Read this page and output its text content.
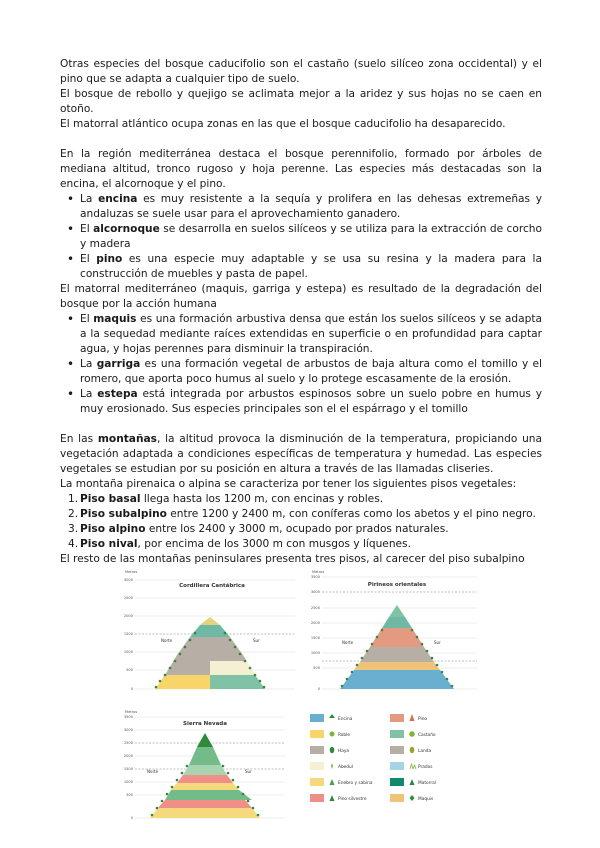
Otras especies del bosque caducifolio son el castaño (suelo silíceo zona occidental) y el pino que se adapta a cualquier tipo de suelo.

El bosque de rebollo y quejigo se aclimata mejor a la aridez y sus hojas no se caen en otoño.

El matorral atlántico ocupa zonas en las que el bosque caducifolio ha desaparecido.

En la región mediterránea destaca el bosque perennifolio, formado por árboles de mediana altitud, tronco rugoso y hoja perenne. Las especies más destacadas son la encina, el alcornoque y el pino.

• La encina es muy resistente a la sequía y prolifera en las dehesas extremeñas y andaluzas se suele usar para el aprovechamiento ganadero.
• El alcornoque se desarrolla en suelos silíceos y se utiliza para la extracción de corcho y madera
• El pino es una especie muy adaptable y se usa su resina y la madera para la construcción de muebles y pasta de papel.

El matorral mediterráneo (maquis, garriga y estepa) es resultado de la degradación del bosque por la acción humana

• El maquis es una formación arbustiva densa que están los suelos silíceos y se adapta a la sequedad mediante raíces extendidas en superficie o en profundidad para captar agua, y hojas perennes para disminuir la transpiración.
• La garriga es una formación vegetal de arbustos de baja altura como el tomillo y el romero, que aporta poco humus al suelo y lo protege escasamente de la erosión.
• La estepa está integrada por arbustos espinosos sobre un suelo pobre en humus y muy erosionado. Sus especies principales son el el espárrago y el tomillo

En las montañas, la altitud provoca la disminución de la temperatura, propiciando una vegetación adaptada a condiciones específicas de temperatura y humedad. Las especies vegetales se estudian por su posición en altura a través de las llamadas cliseries.

La montaña pirenaica o alpina se caracteriza por tener los siguientes pisos vegetales:

1. Piso basal llega hasta los 1200 m, con encinas y robles.
2. Piso subalpino entre 1200 y 2400 m, con coníferas como los abetos y el pino negro.
3. Piso alpino entre los 2400 y 3000 m, ocupado por prados naturales.
4. Piso nival, por encima de los 3000 m con musgos y líquenes.

El resto de las montañas peninsulares presenta tres pisos, al carecer del piso subalpino

Metros
3000
2500
2000
1500
1000
500
0
Cordillera Cantábrica
Norte	Sur
Metros
3500
3000
2500
2000
1500
1000
500
0
Pirineos orientales
Norte	Sur
Metros
3500
3000
2500
2000
1500
1000
500
0
Sierra Nevada
Norte	Sur
Encina
Roble
Haya
Abedul
Enebro y sabina
Pino silvestre
Pino
Castaño
Landa
Prados
Matorral
Maquis
